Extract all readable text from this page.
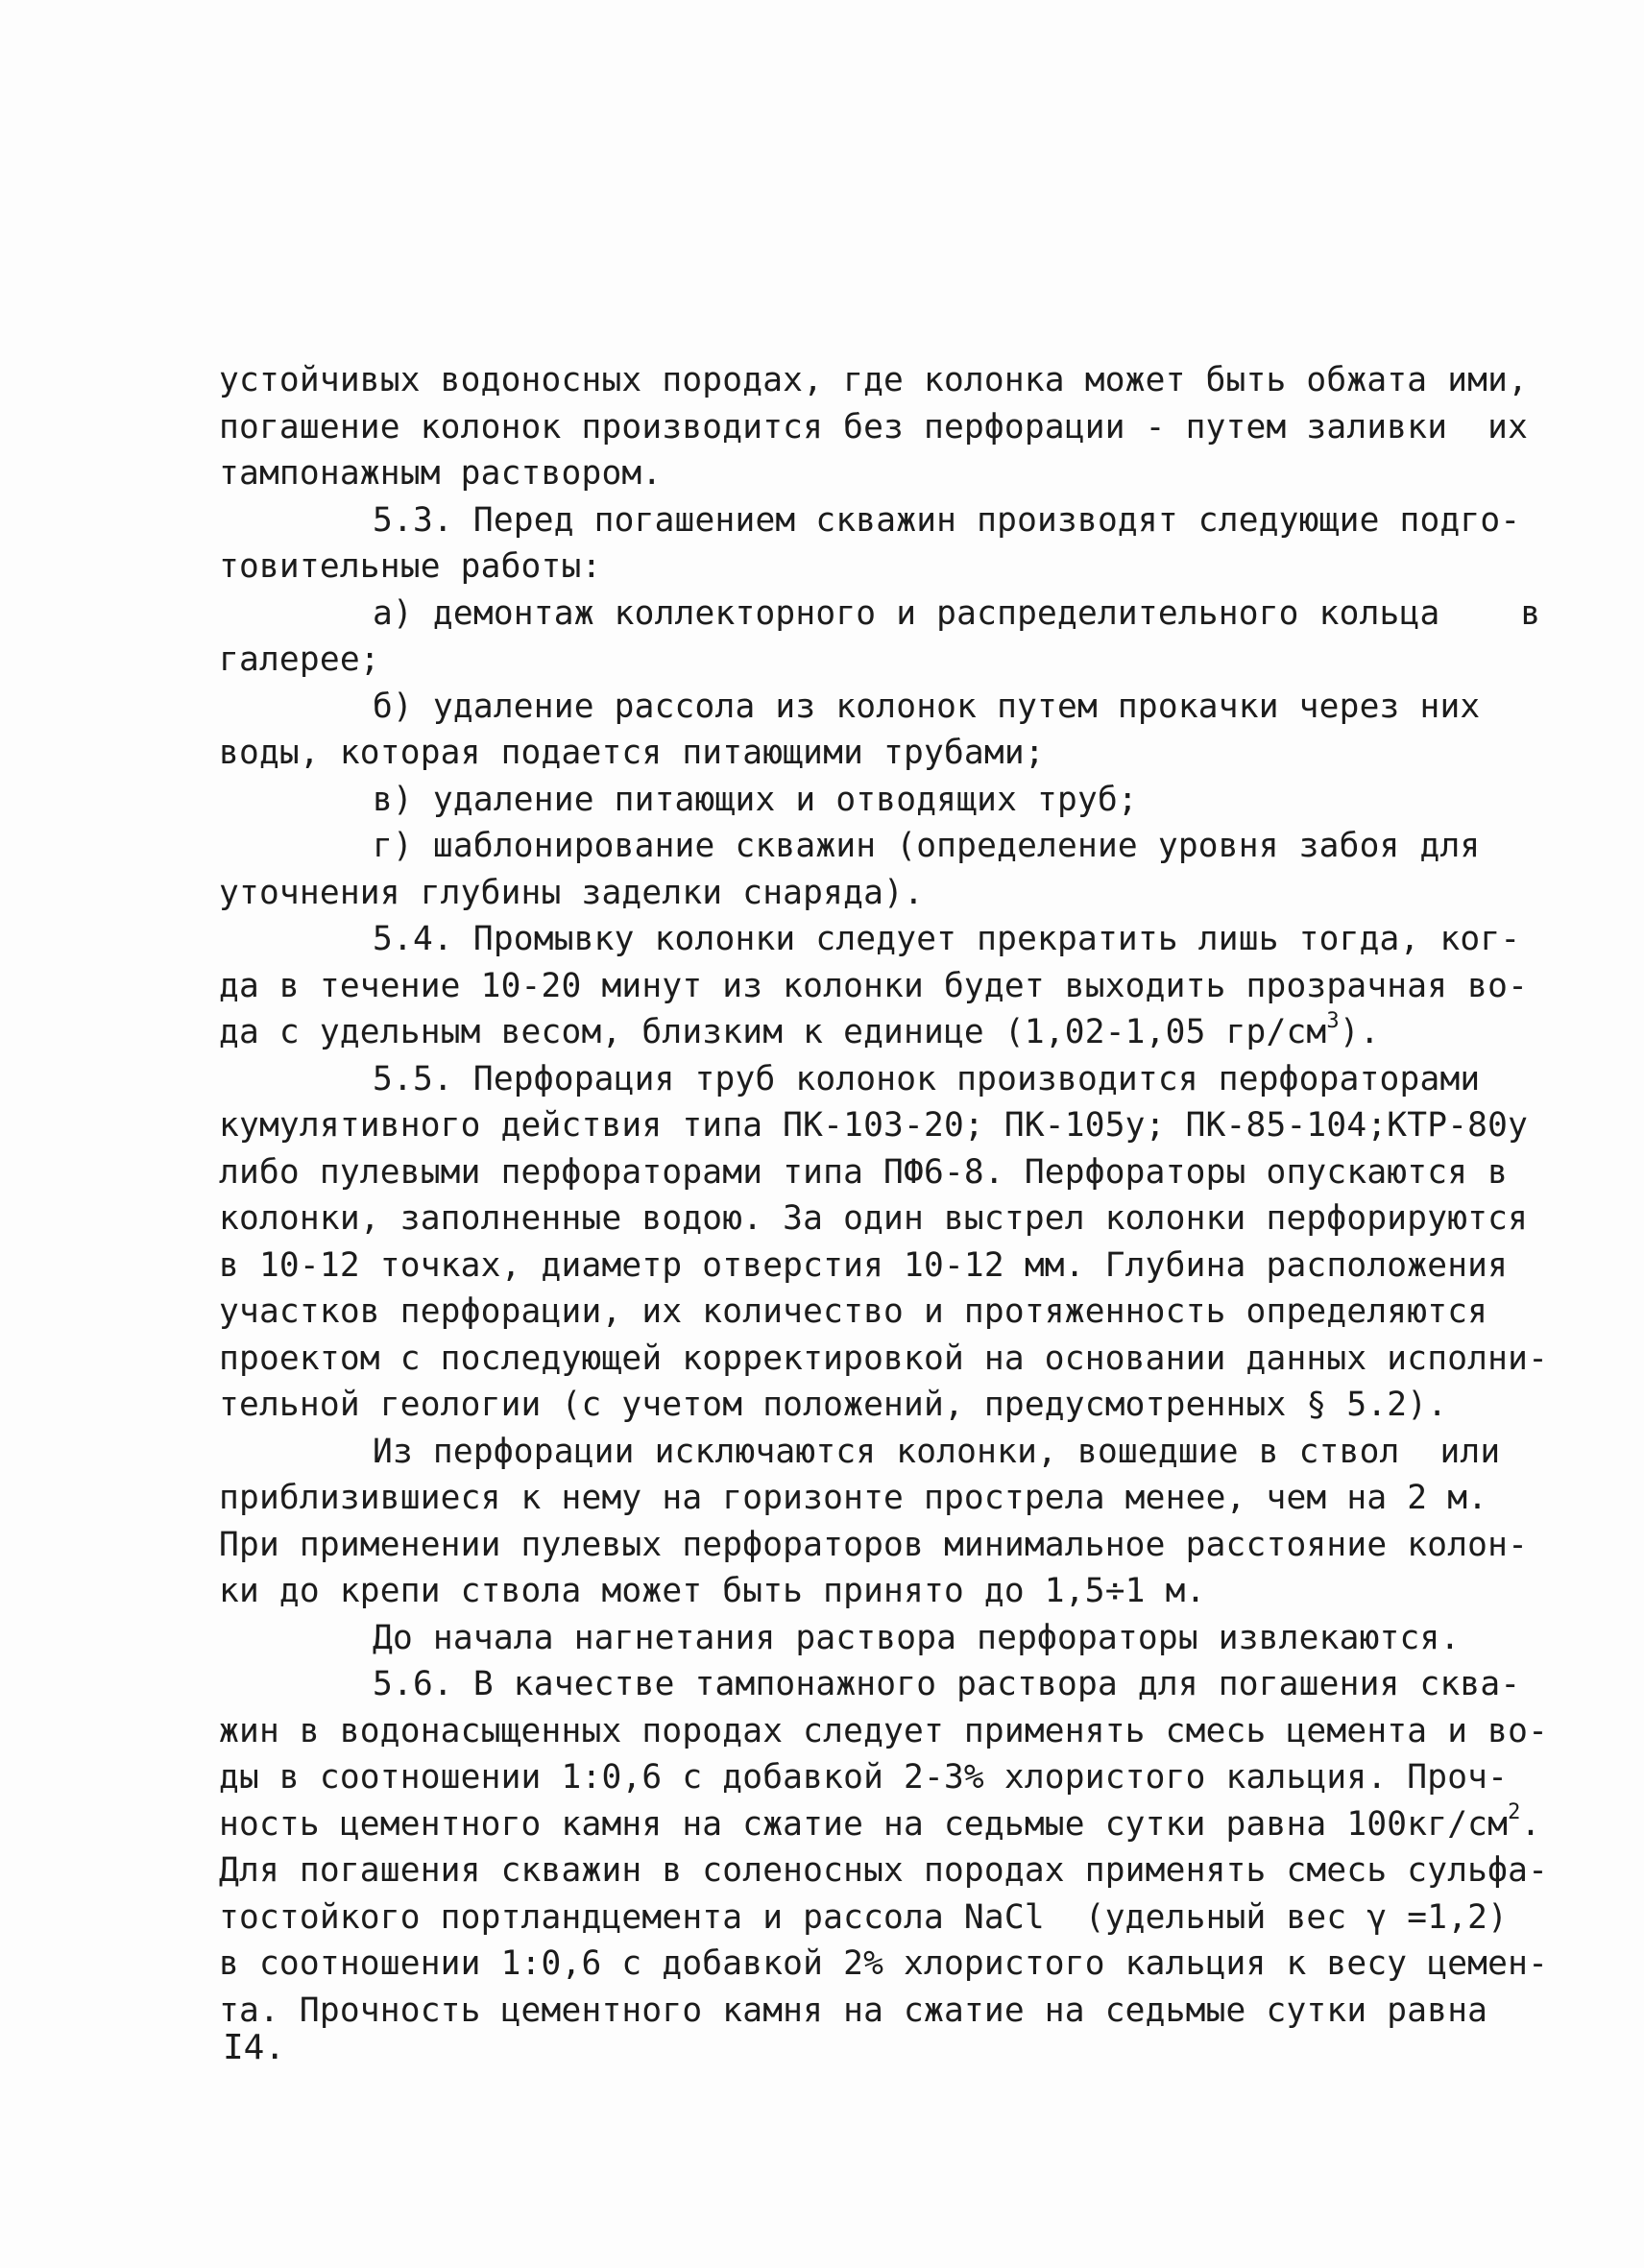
устойчивых водоносных породах, где колонка может быть обжата ими,
погашение колонок производится без перфорации - путем заливки  их
тампонажным раствором.
5.3. Перед погашением скважин производят следующие подго-
товительные работы:
а) демонтаж коллекторного и распределительного кольца    в
галерее;
б) удаление рассола из колонок путем прокачки через них
воды, которая подается питающими трубами;
в) удаление питающих и отводящих труб;
г) шаблонирование скважин (определение уровня забоя для
уточнения глубины заделки снаряда).
5.4. Промывку колонки следует прекратить лишь тогда, ког-
да в течение 10-20 минут из колонки будет выходить прозрачная во-
да с удельным весом, близким к единице (1,02-1,05 $гр/см^3$).
5.5. Перфорация труб колонок производится перфораторами
кумулятивного действия типа ПК-103-20; ПК-105у; ПК-85-104;КТР-80у
либо пулевыми перфораторами типа ПФ6-8. Перфораторы опускаются в
колонки, заполненные водою. За один выстрел колонки перфорируются
в 10-12 точках, диаметр отверстия 10-12 мм. Глубина расположения
участков перфорации, их количество и протяженность определяются
проектом с последующей корректировкой на основании данных исполни-
тельной геологии (с учетом положений, предусмотренных § 5.2).
Из перфорации исключаются колонки, вошедшие в ствол  или
приблизившиеся к нему на горизонте прострела менее, чем на 2 м.
При применении пулевых перфораторов минимальное расстояние колон-
ки до крепи ствола может быть принято до 1,5÷1 м.
До начала нагнетания раствора перфораторы извлекаются.
5.6. В качестве тампонажного раствора для погашения сква-
жин в водонасыщенных породах следует применять смесь цемента и во-
ды в соотношении 1:0,6 с добавкой 2-3% хлористого кальция. Проч-
ность цементного камня на сжатие на седьмые сутки равна $100кг/см^2$.
Для погашения скважин в соленосных породах применять смесь сульфа-
тостойкого портландцемента и рассола NaCl  (удельный вес γ =1,2)
в соотношении 1:0,6 с добавкой 2% хлористого кальция к весу цемен-
та. Прочность цементного камня на сжатие на седьмые сутки равна
I4.
